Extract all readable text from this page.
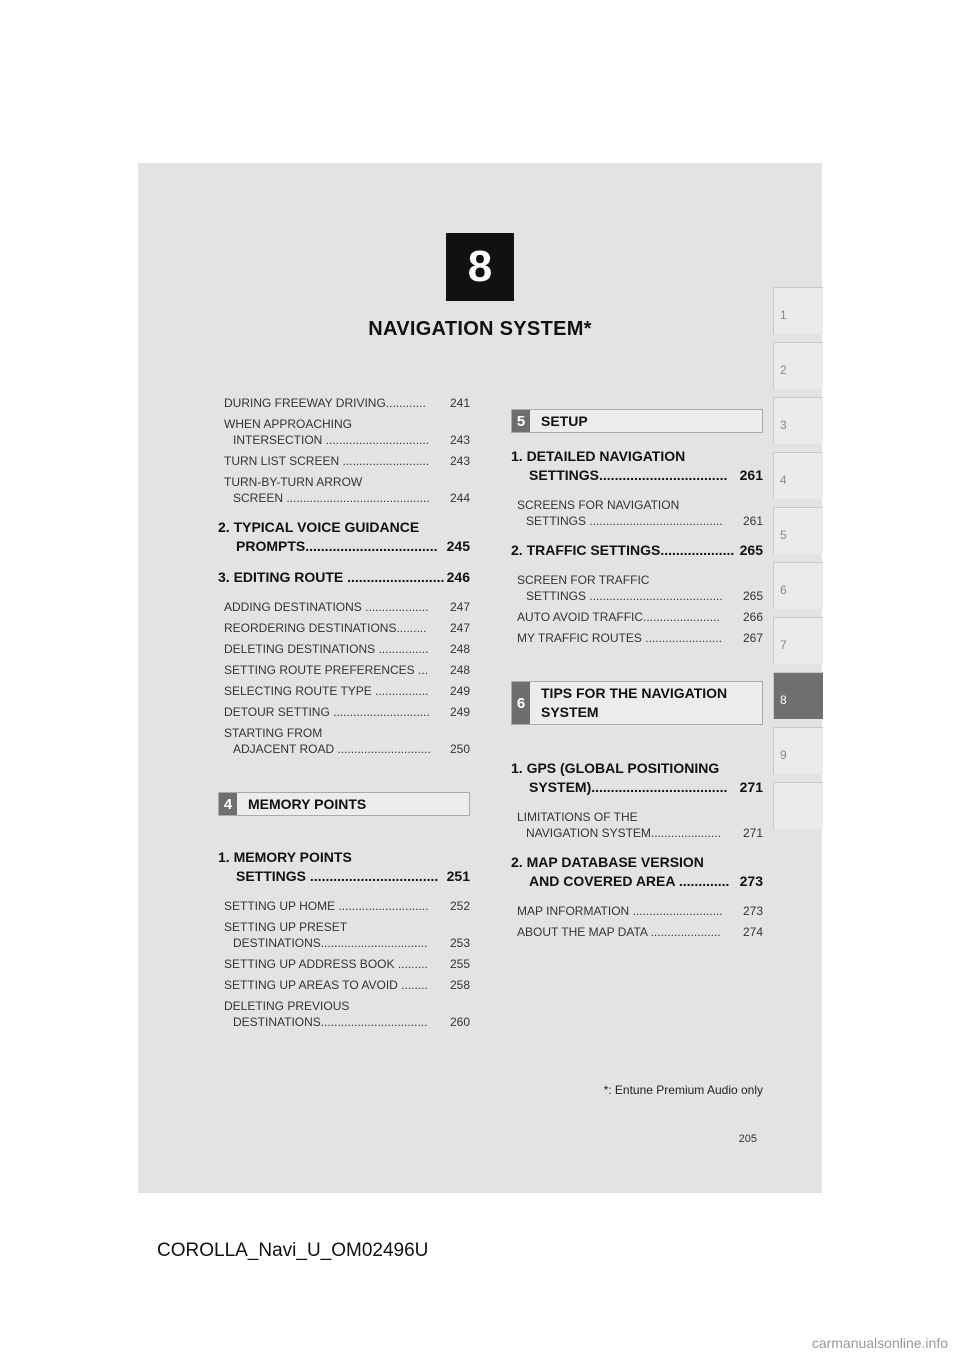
8
NAVIGATION SYSTEM*
1
2
3
4
5
6
7
8
9
DURING FREEWAY DRIVING............ 241
WHEN APPROACHING
INTERSECTION ...............................	243
TURN LIST SCREEN .......................... 243
TURN-BY-TURN ARROW
SCREEN ...........................................	244
2. TYPICAL VOICE GUIDANCE
PROMPTS.................................. 245
3. EDITING ROUTE ......................... 246
ADDING DESTINATIONS ................... 247
REORDERING DESTINATIONS......... 247
DELETING DESTINATIONS ............... 248
SETTING ROUTE PREFERENCES ... 248
SELECTING ROUTE TYPE ................ 249
DETOUR SETTING ............................. 249
STARTING FROM
ADJACENT ROAD ............................	250
4	MEMORY POINTS
1. MEMORY POINTS
SETTINGS ................................. 251
SETTING UP HOME ........................... 252
SETTING UP PRESET
DESTINATIONS................................	253
SETTING UP ADDRESS BOOK ......... 255
SETTING UP AREAS TO AVOID ........ 258
DELETING PREVIOUS
DESTINATIONS................................	260
5	SETUP
1. DETAILED NAVIGATION
SETTINGS................................. 261
SCREENS FOR NAVIGATION
SETTINGS ........................................	261
2. TRAFFIC SETTINGS................... 265
SCREEN FOR TRAFFIC
SETTINGS ........................................	265
AUTO AVOID TRAFFIC....................... 266
MY TRAFFIC ROUTES ....................... 267
6
TIPS FOR THE NAVIGATION
SYSTEM
1. GPS (GLOBAL POSITIONING
SYSTEM)................................... 271
LIMITATIONS OF THE
NAVIGATION SYSTEM.....................	271
2. MAP DATABASE VERSION
AND COVERED AREA ............. 273
MAP INFORMATION ........................... 273
ABOUT THE MAP DATA ..................... 274
*: Entune Premium Audio only
205
COROLLA_Navi_U_OM02496U
carmanualsonline.info
